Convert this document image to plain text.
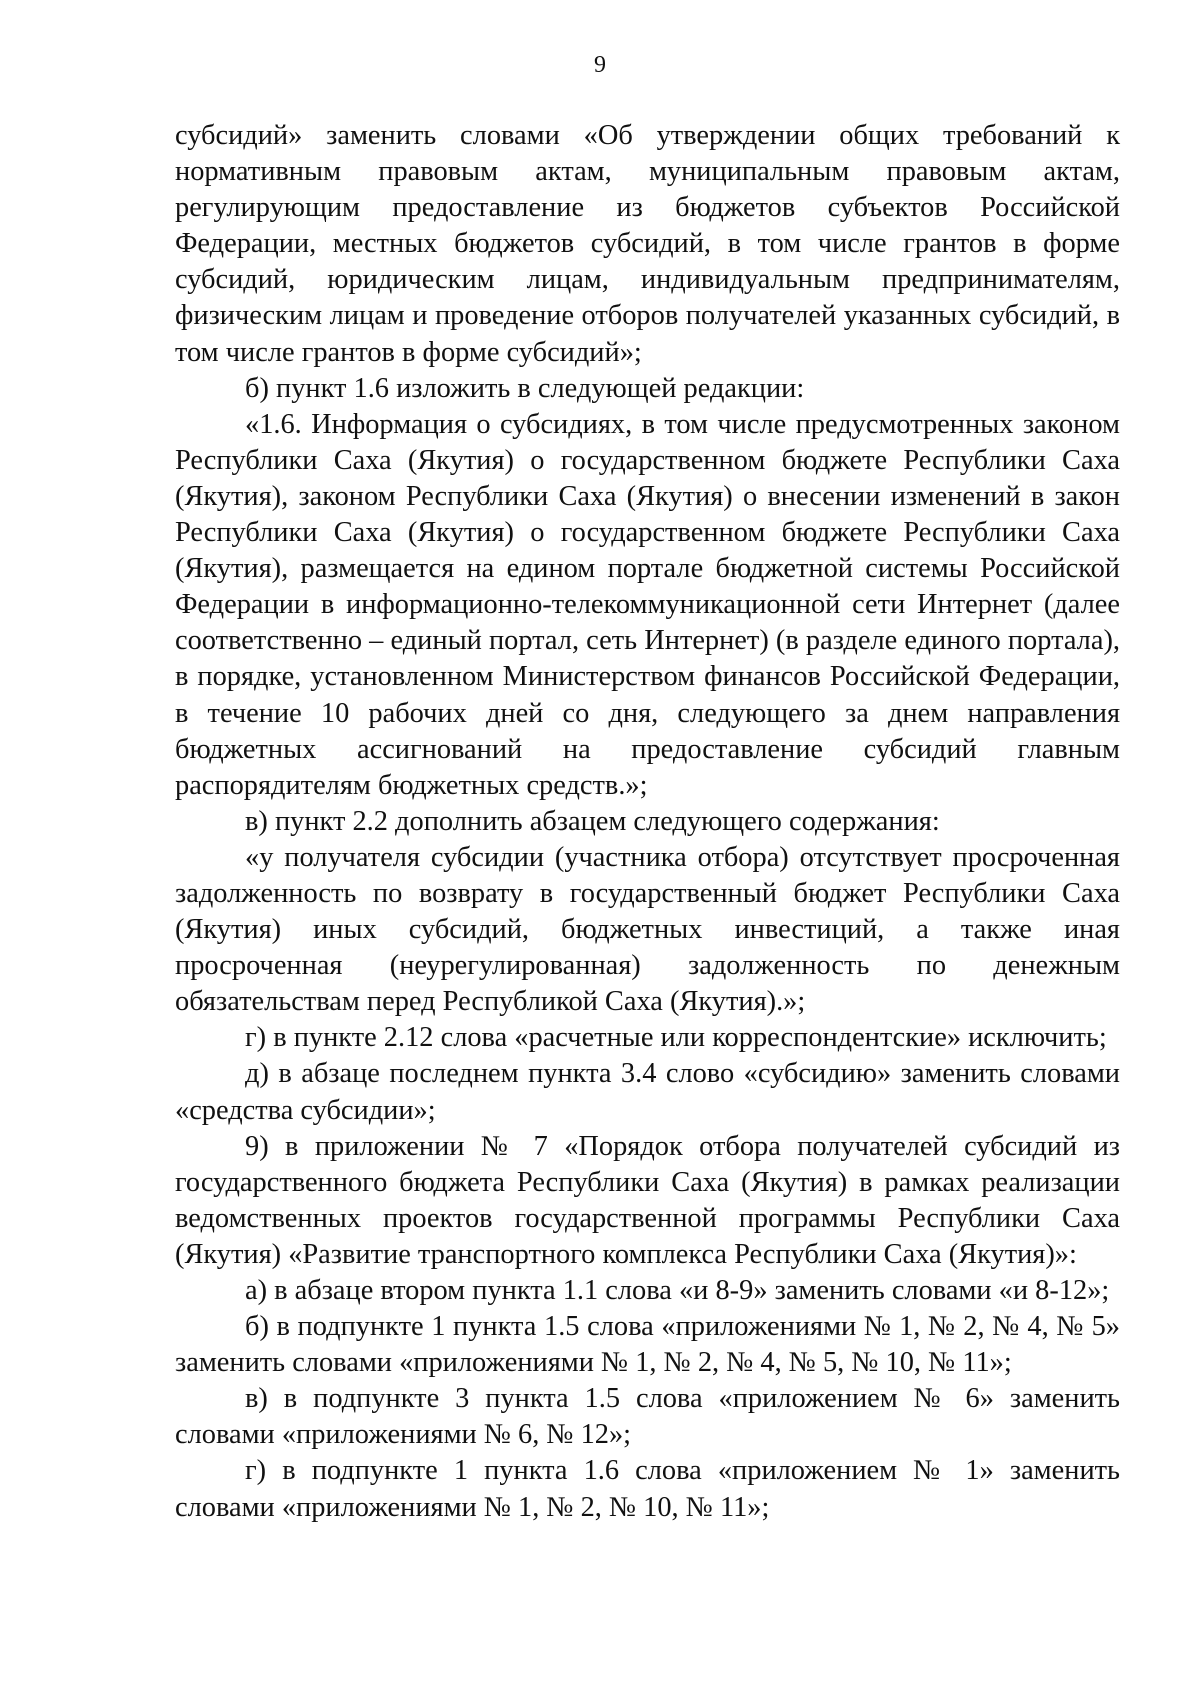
9

субсидий» заменить словами «Об утверждении общих требований к нормативным правовым актам, муниципальным правовым актам, регулирующим предоставление из бюджетов субъектов Российской Федерации, местных бюджетов субсидий, в том числе грантов в форме субсидий, юридическим лицам, индивидуальным предпринимателям, физическим лицам и проведение отборов получателей указанных субсидий, в том числе грантов в форме субсидий»;

б) пункт 1.6 изложить в следующей редакции:

«1.6. Информация о субсидиях, в том числе предусмотренных законом Республики Саха (Якутия) о государственном бюджете Республики Саха (Якутия), законом Республики Саха (Якутия) о внесении изменений в закон Республики Саха (Якутия) о государственном бюджете Республики Саха (Якутия), размещается на едином портале бюджетной системы Российской Федерации в информационно-телекоммуникационной сети Интернет (далее соответственно – единый портал, сеть Интернет) (в разделе единого портала), в порядке, установленном Министерством финансов Российской Федерации, в течение 10 рабочих дней со дня, следующего за днем направления бюджетных ассигнований на предоставление субсидий главным распорядителям бюджетных средств.»;

в) пункт 2.2 дополнить абзацем следующего содержания:

«у получателя субсидии (участника отбора) отсутствует просроченная задолженность по возврату в государственный бюджет Республики Саха (Якутия) иных субсидий, бюджетных инвестиций, а также иная просроченная (неурегулированная) задолженность по денежным обязательствам перед Республикой Саха (Якутия).»;

г) в пункте 2.12 слова «расчетные или корреспондентские» исключить;

д) в абзаце последнем пункта 3.4 слово «субсидию» заменить словами «средства субсидии»;

9) в приложении № 7 «Порядок отбора получателей субсидий из государственного бюджета Республики Саха (Якутия) в рамках реализации ведомственных проектов государственной программы Республики Саха (Якутия) «Развитие транспортного комплекса Республики Саха (Якутия)»:

а) в абзаце втором пункта 1.1 слова «и 8-9» заменить словами «и 8-12»;

б) в подпункте 1 пункта 1.5 слова «приложениями № 1, № 2, № 4, № 5» заменить словами «приложениями № 1, № 2, № 4, № 5, № 10, № 11»;

в) в подпункте 3 пункта 1.5 слова «приложением № 6» заменить словами «приложениями № 6, № 12»;

г) в подпункте 1 пункта 1.6 слова «приложением № 1» заменить словами «приложениями № 1, № 2, № 10, № 11»;
